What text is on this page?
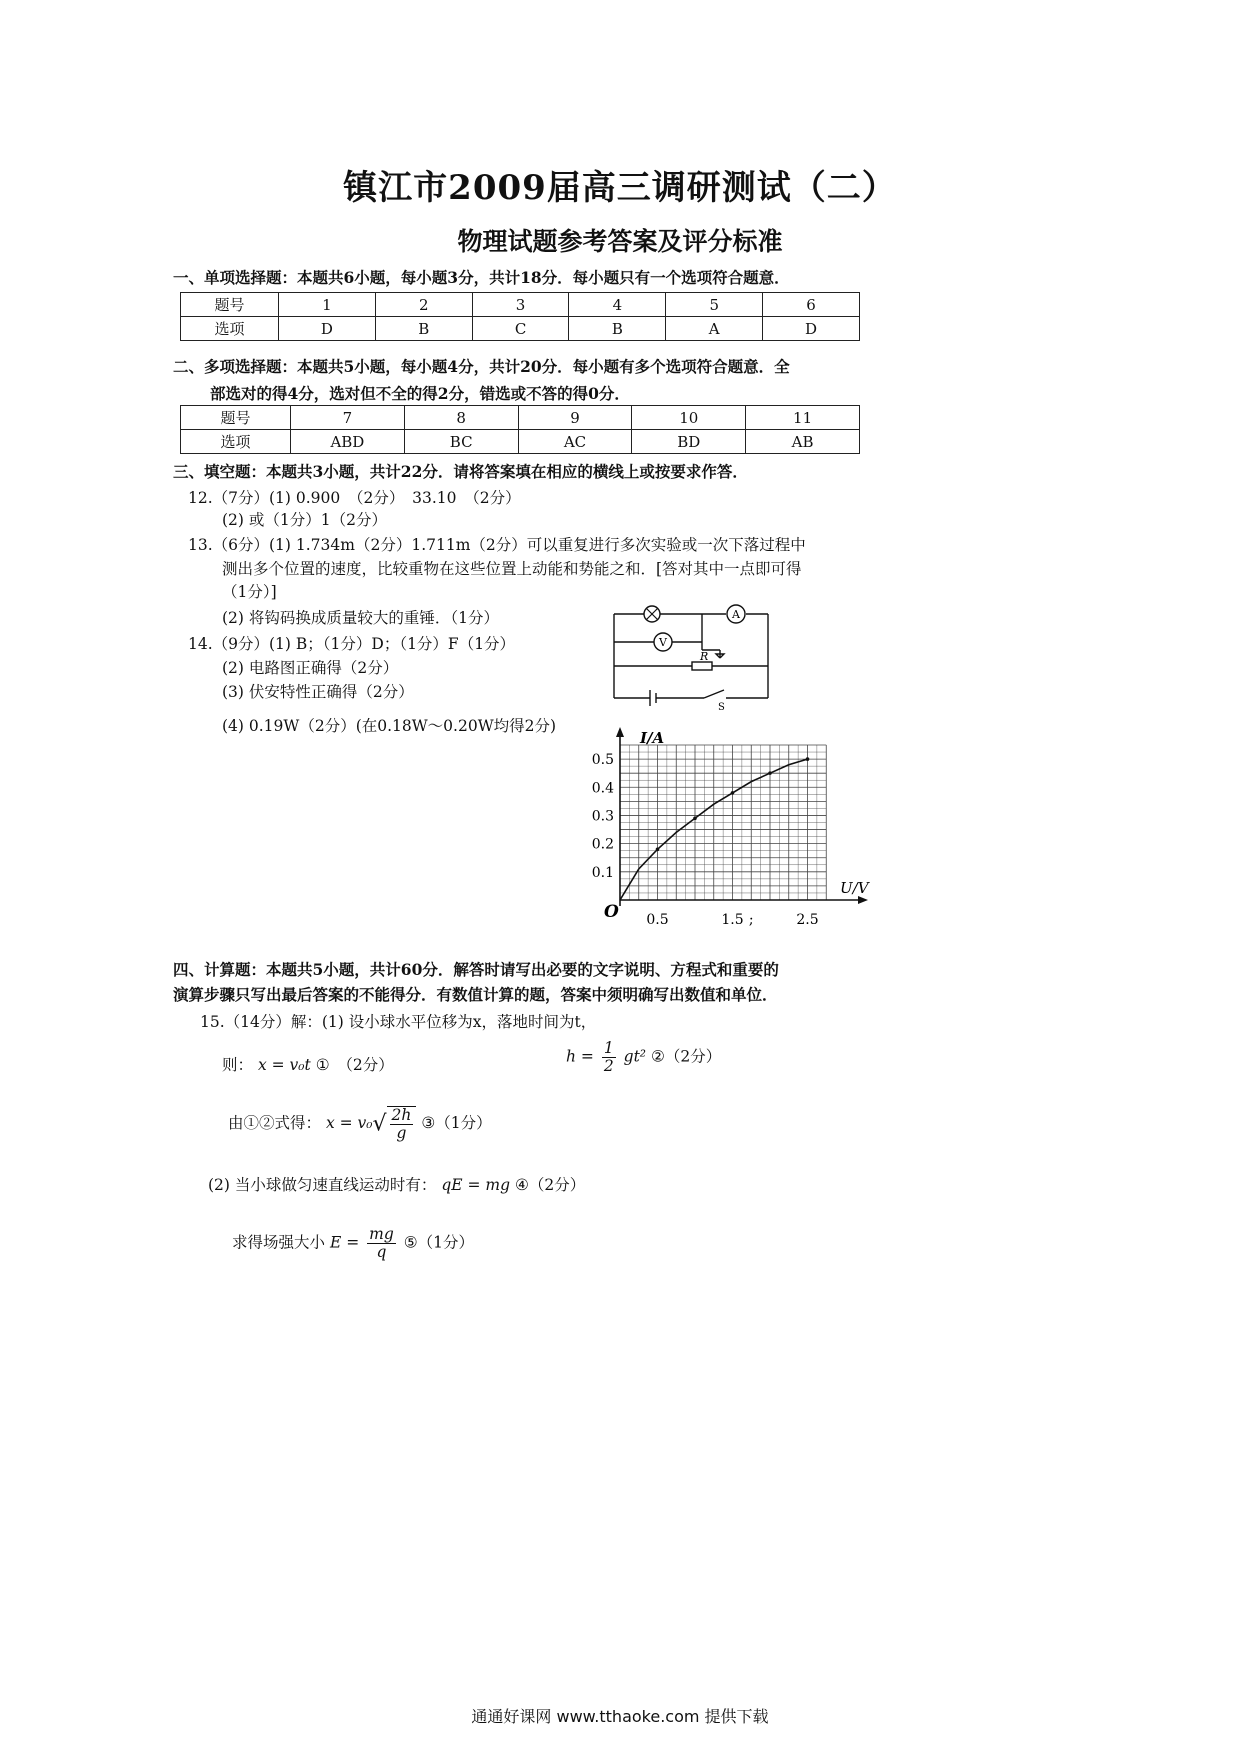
镇江市2009届高三调研测试（二）
物理试题参考答案及评分标准
一、单项选择题：本题共6小题，每小题3分，共计18分．每小题只有一个选项符合题意．
题号	1	2	3	4	5	6
选项	D	B	C	B	A	D
二、多项选择题：本题共5小题，每小题4分，共计20分．每小题有多个选项符合题意．全
部选对的得4分，选对但不全的得2分，错选或不答的得0分．
题号	7	8	9	10	11
选项	ABD	BC	AC	BD	AB
三、填空题：本题共3小题，共计22分．请将答案填在相应的横线上或按要求作答．
12.（7分）(1) 0.900　（2分）　33.10　（2分）
(2) 或（1分）1（2分）
13.（6分）(1) 1.734m（2分）1.711m（2分）可以重复进行多次实验或一次下落过程中
测出多个位置的速度，比较重物在这些位置上动能和势能之和．[答对其中一点即可得
（1分）]
(2) 将钩码换成质量较大的重锤．（1分）
14.（9分）(1) B；（1分）D；（1分）F（1分）
(2) 电路图正确得（2分）
(3) 伏安特性正确得（2分）
(4) 0.19W（2分）(在0.18W～0.20W均得2分)
A
V
R
S
0.1
0.2
0.3
0.4
0.5
0.5	1.5 ;	2.5
I/A
U/V
O
四、计算题：本题共5小题，共计60分．解答时请写出必要的文字说明、方程式和重要的
演算步骤只写出最后答案的不能得分．有数值计算的题，答案中须明确写出数值和单位．
15.（14分）解：(1) 设小球水平位移为x，落地时间为t，
则： x = v₀t ①　（2分）	$h = \frac{1}{2} gt^2$ ②（2分）
由①②式得： $x = v_0√ \frac{2h}{g}$ ③（1分）
(2) 当小球做匀速直线运动时有： qE = mg ④（2分）
求得场强大小 $E = \frac{mg}{q}$ ⑤（1分）
通通好课网 www.tthaoke.com 提供下载
